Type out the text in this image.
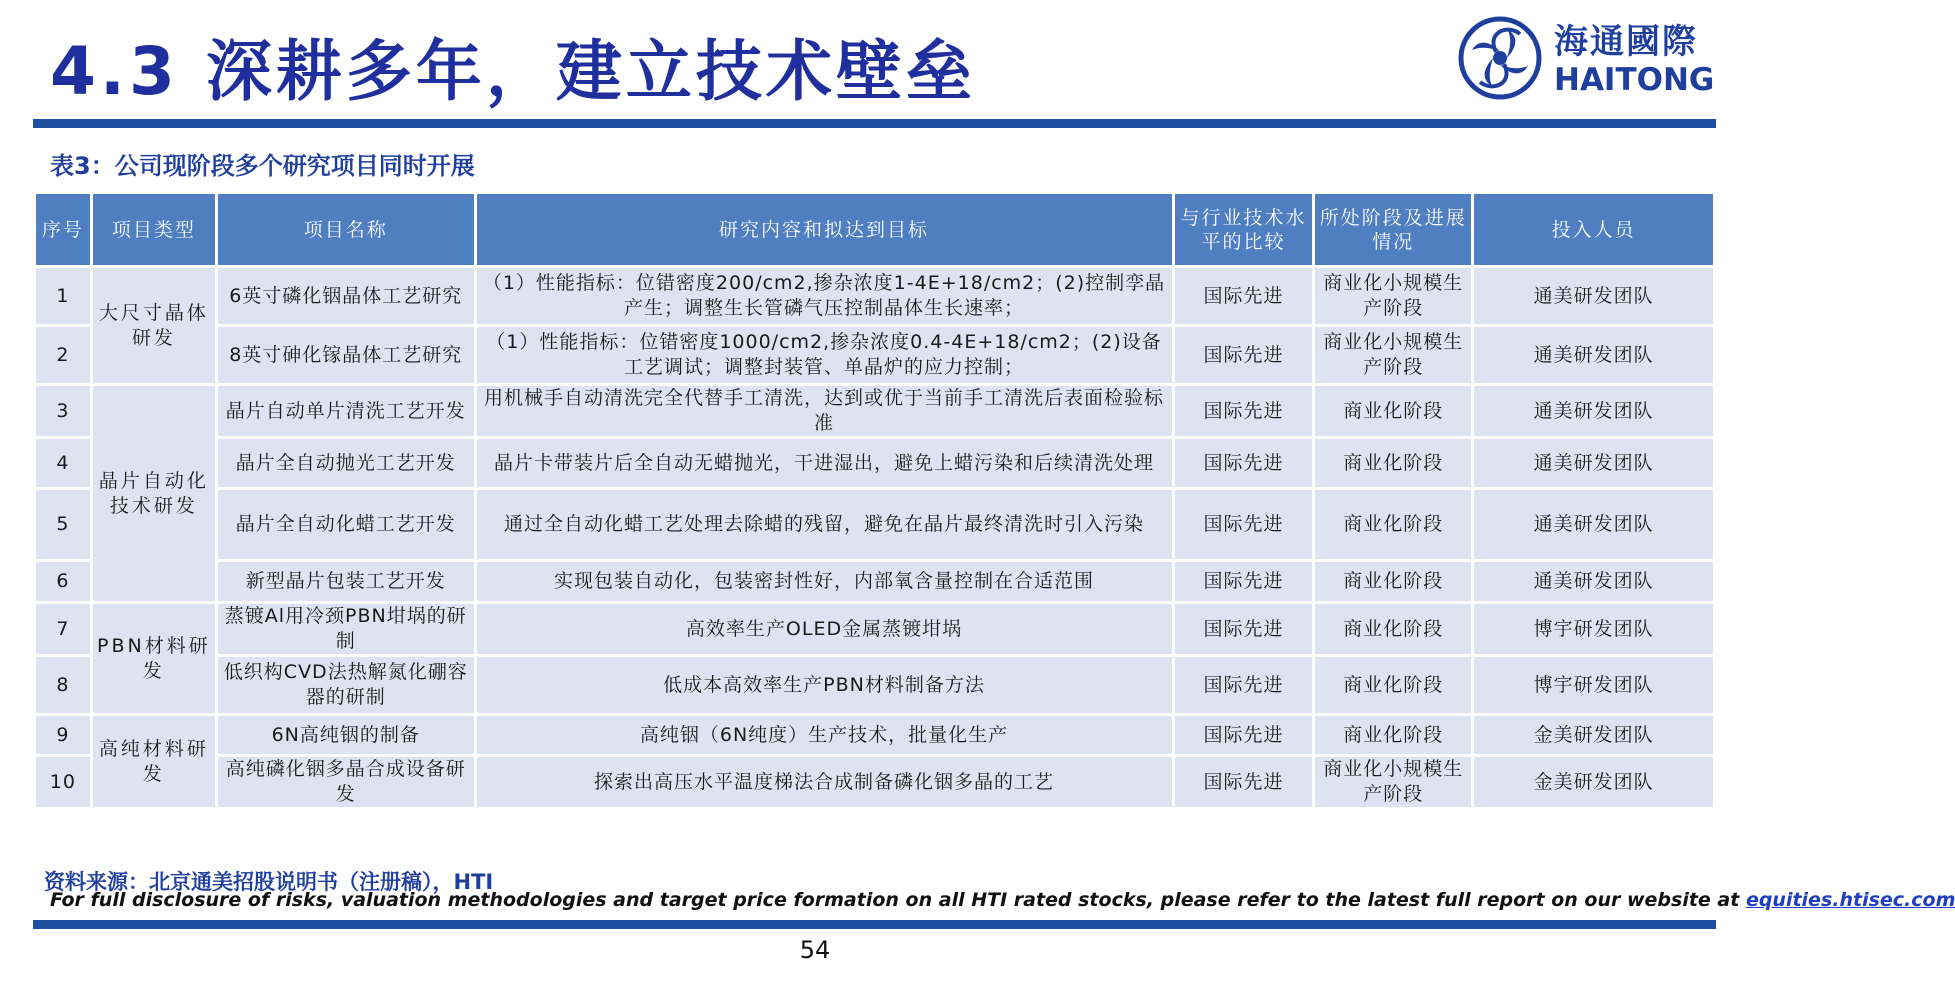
4.3 深耕多年，建立技术壁垒	海通國際
HAITONG
表3：公司现阶段多个研究项目同时开展
序号	项目类型	项目名称	研究内容和拟达到目标	与行业技术水平的比较	所处阶段及进展情况	投入人员
1	大尺寸晶体研发	6英寸磷化铟晶体工艺研究	（1）性能指标：位错密度200/cm2,掺杂浓度1-4E+18/cm2；(2)控制孪晶产生；调整生长管磷气压控制晶体生长速率；	国际先进	商业化小规模生产阶段	通美研发团队
2		8英寸砷化镓晶体工艺研究	（1）性能指标：位错密度1000/cm2,掺杂浓度0.4-4E+18/cm2；(2)设备工艺调试；调整封装管、单晶炉的应力控制；	国际先进	商业化小规模生产阶段	通美研发团队
3	晶片自动化技术研发	晶片自动单片清洗工艺开发	用机械手自动清洗完全代替手工清洗，达到或优于当前手工清洗后表面检验标准	国际先进	商业化阶段	通美研发团队
4		晶片全自动抛光工艺开发	晶片卡带装片后全自动无蜡抛光，干进湿出，避免上蜡污染和后续清洗处理	国际先进	商业化阶段	通美研发团队
5		晶片全自动化蜡工艺开发	通过全自动化蜡工艺处理去除蜡的残留，避免在晶片最终清洗时引入污染	国际先进	商业化阶段	通美研发团队
6		新型晶片包装工艺开发	实现包装自动化，包装密封性好，内部氧含量控制在合适范围	国际先进	商业化阶段	通美研发团队
7	PBN材料研发	蒸镀Al用冷颈PBN坩埚的研制	高效率生产OLED金属蒸镀坩埚	国际先进	商业化阶段	博宇研发团队
8		低织构CVD法热解氮化硼容器的研制	低成本高效率生产PBN材料制备方法	国际先进	商业化阶段	博宇研发团队
9	高纯材料研发	6N高纯铟的制备	高纯铟（6N纯度）生产技术，批量化生产	国际先进	商业化阶段	金美研发团队
10		高纯磷化铟多晶合成设备研发	探索出高压水平温度梯法合成制备磷化铟多晶的工艺	国际先进	商业化小规模生产阶段	金美研发团队
资料来源：北京通美招股说明书（注册稿），HTI
For full disclosure of risks, valuation methodologies and target price formation on all HTI rated stocks, please refer to the latest full report on our website at equities.htisec.com
54
